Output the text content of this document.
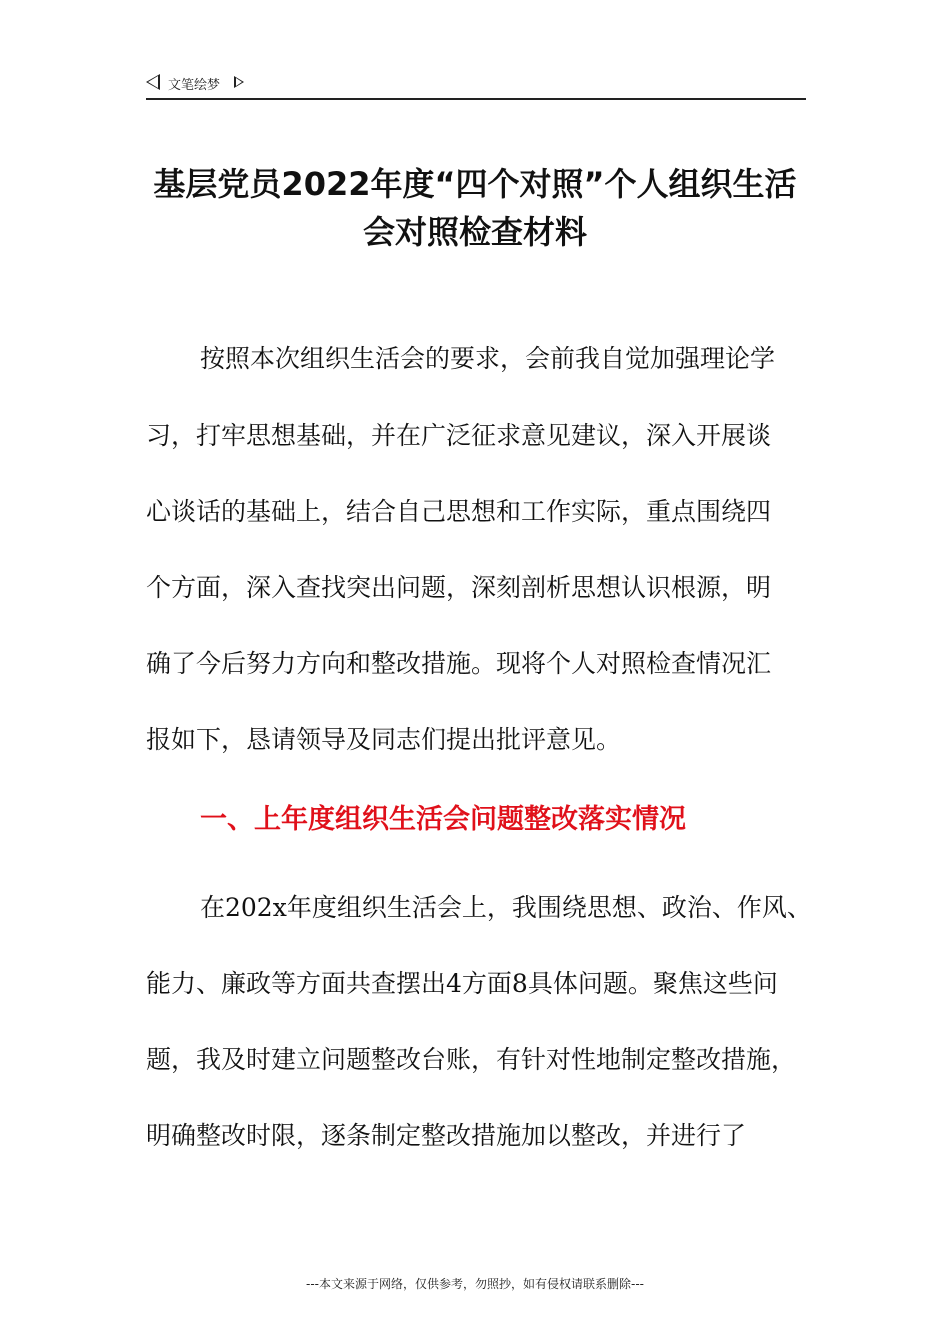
文笔绘梦
基层党员2022年度“四个对照”个人组织生活
会对照检查材料
按照本次组织生活会的要求，会前我自觉加强理论学
习，打牢思想基础，并在广泛征求意见建议，深入开展谈
心谈话的基础上，结合自己思想和工作实际，重点围绕四
个方面，深入查找突出问题，深刻剖析思想认识根源，明
确了今后努力方向和整改措施。现将个人对照检查情况汇
报如下，恳请领导及同志们提出批评意见。
一、上年度组织生活会问题整改落实情况
在202x年度组织生活会上，我围绕思想、政治、作风、
能力、廉政等方面共查摆出4方面8具体问题。聚焦这些问
题，我及时建立问题整改台账，有针对性地制定整改措施，
明确整改时限，逐条制定整改措施加以整改，并进行了
---本文来源于网络，仅供参考，勿照抄，如有侵权请联系删除---
